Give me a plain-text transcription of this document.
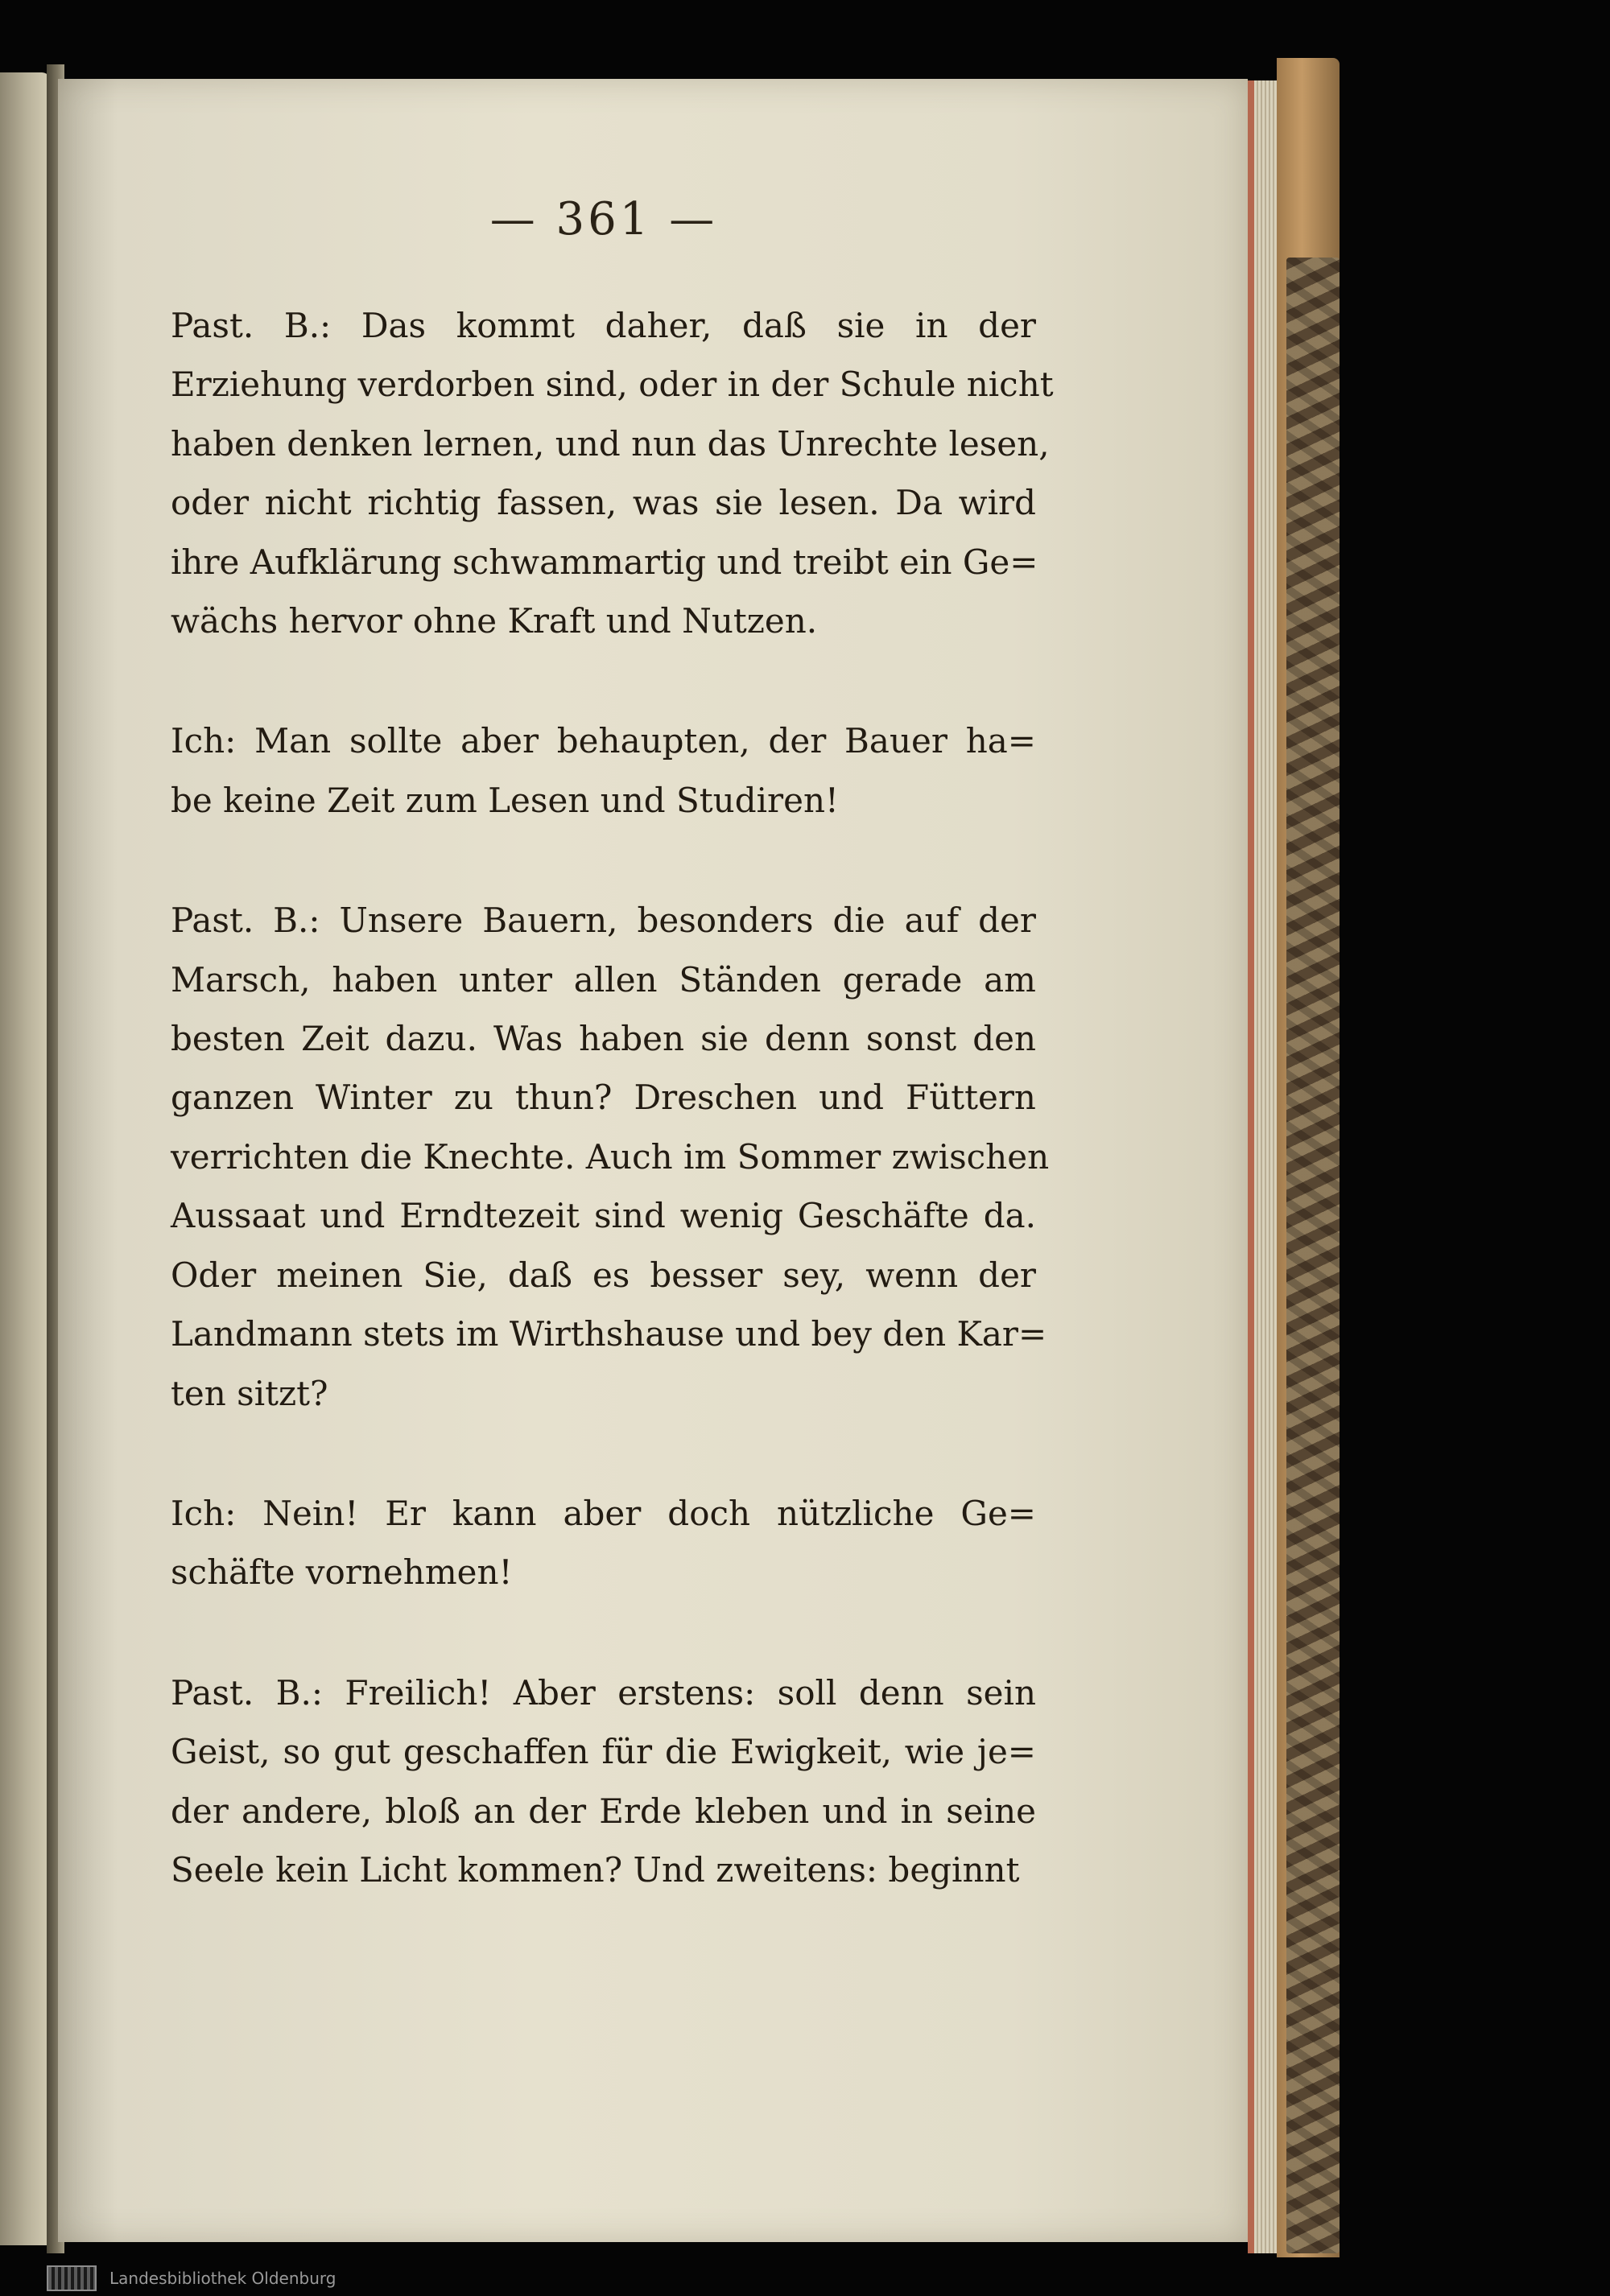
— 361 —
Past. B.: Das kommt daher, daß sie in der
Erziehung verdorben sind, oder in der Schule nicht
haben denken lernen, und nun das Unrechte lesen,
oder nicht richtig fassen, was sie lesen. Da wird
ihre Aufklärung schwammartig und treibt ein Ge=
wächs hervor ohne Kraft und Nutzen.
Ich: Man sollte aber behaupten, der Bauer ha=
be keine Zeit zum Lesen und Studiren!
Past. B.: Unsere Bauern, besonders die auf der
Marsch, haben unter allen Ständen gerade am
besten Zeit dazu. Was haben sie denn sonst den
ganzen Winter zu thun? Dreschen und Füttern
verrichten die Knechte. Auch im Sommer zwischen
Aussaat und Erndtezeit sind wenig Geschäfte da.
Oder meinen Sie, daß es besser sey, wenn der
Landmann stets im Wirthshause und bey den Kar=
ten sitzt?
Ich: Nein! Er kann aber doch nützliche Ge=
schäfte vornehmen!
Past. B.: Freilich! Aber erstens: soll denn sein
Geist, so gut geschaffen für die Ewigkeit, wie je=
der andere, bloß an der Erde kleben und in seine
Seele kein Licht kommen? Und zweitens: beginnt
Landesbibliothek Oldenburg
